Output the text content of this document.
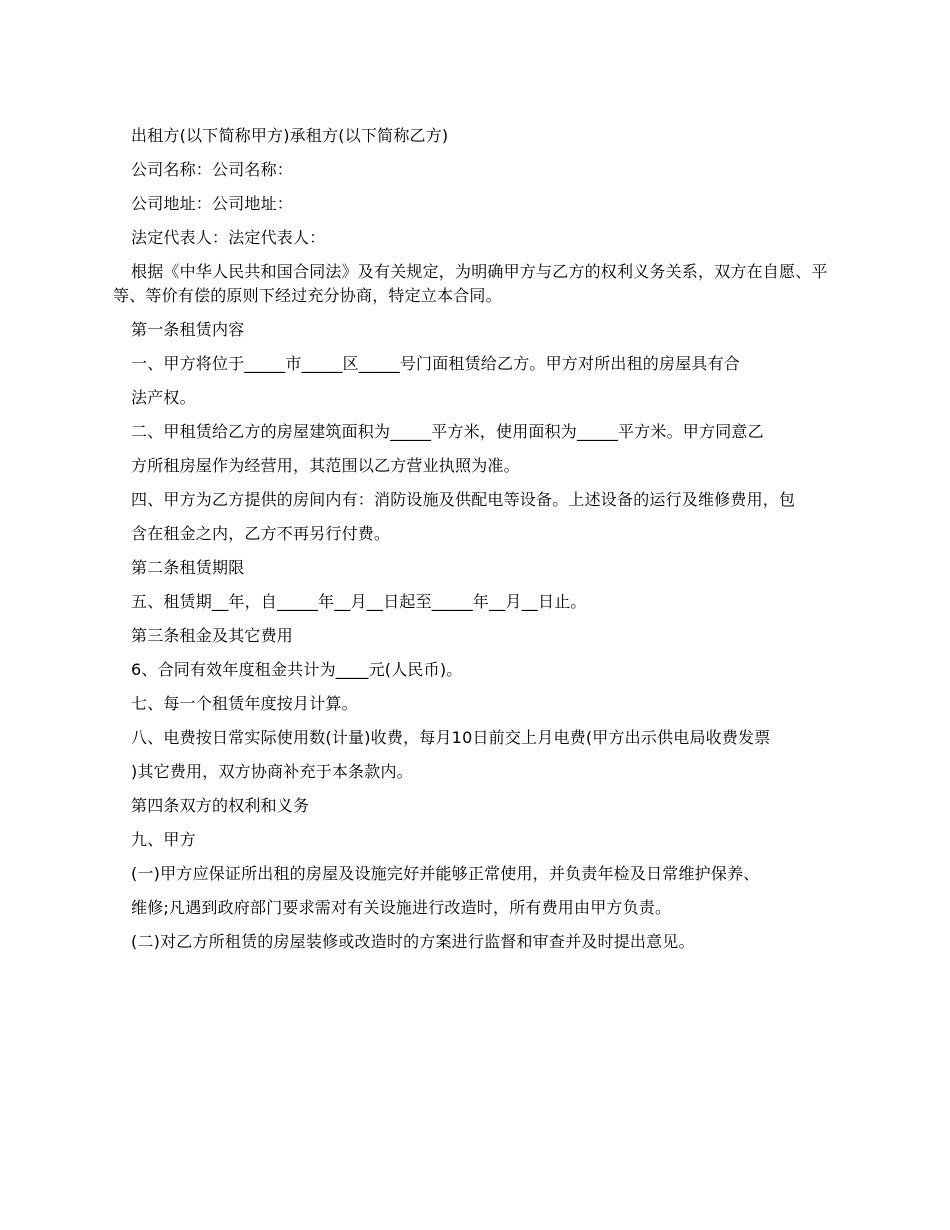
出租方(以下简称甲方)承租方(以下简称乙方)

公司名称：公司名称：

公司地址：公司地址：

法定代表人：法定代表人：

根据《中华人民共和国合同法》及有关规定，为明确甲方与乙方的权利义务关系，双方在自愿、平等、等价有偿的原则下经过充分协商，特定立本合同。

第一条租赁内容

一、甲方将位于_____市_____区_____号门面租赁给乙方。甲方对所出租的房屋具有合

法产权。

二、甲租赁给乙方的房屋建筑面积为_____平方米，使用面积为_____平方米。甲方同意乙

方所租房屋作为经营用，其范围以乙方营业执照为准。

四、甲方为乙方提供的房间内有：消防设施及供配电等设备。上述设备的运行及维修费用，包

含在租金之内，乙方不再另行付费。

第二条租赁期限

五、租赁期__年，自_____年__月__日起至_____年__月__日止。

第三条租金及其它费用

6、合同有效年度租金共计为____元(人民币)。

七、每一个租赁年度按月计算。

八、电费按日常实际使用数(计量)收费，每月10日前交上月电费(甲方出示供电局收费发票

)其它费用，双方协商补充于本条款内。

第四条双方的权利和义务

九、甲方

(一)甲方应保证所出租的房屋及设施完好并能够正常使用，并负责年检及日常维护保养、

维修;凡遇到政府部门要求需对有关设施进行改造时，所有费用由甲方负责。

(二)对乙方所租赁的房屋装修或改造时的方案进行监督和审查并及时提出意见。
